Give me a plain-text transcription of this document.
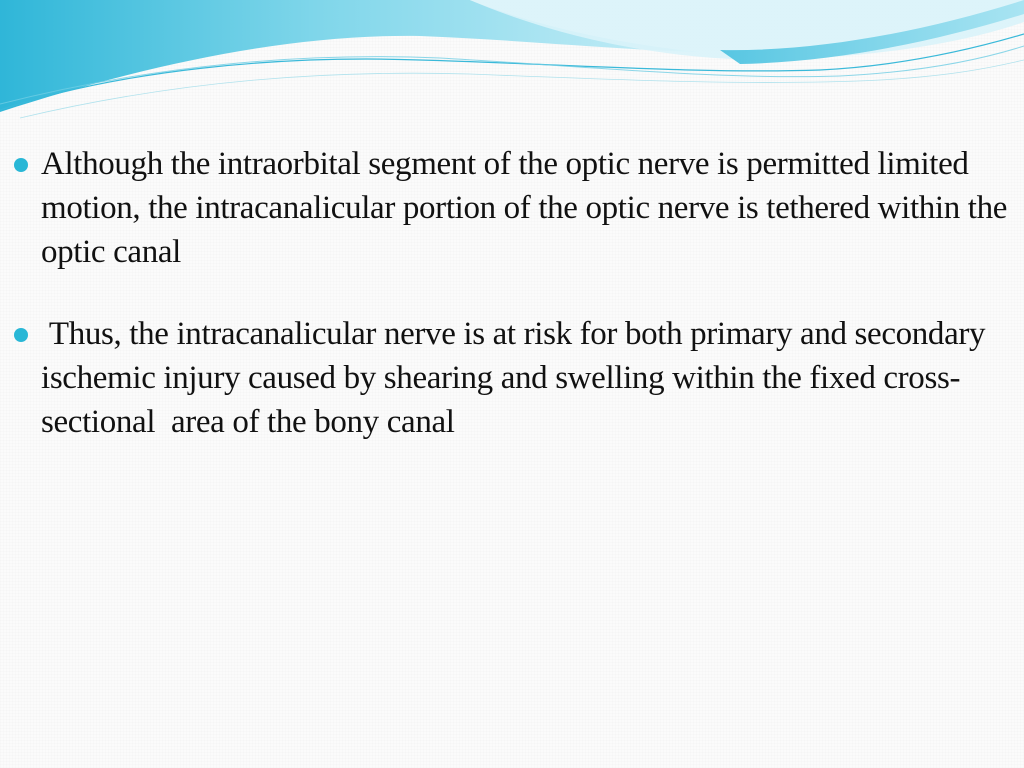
Although the intraorbital segment of the optic nerve is permitted limited motion, the intracanalicular portion of the optic nerve is tethered within the optic canal
Thus, the intracanalicular nerve is at risk for both primary and secondary ischemic injury caused by shearing and swelling within the fixed cross-sectional  area of the bony canal
